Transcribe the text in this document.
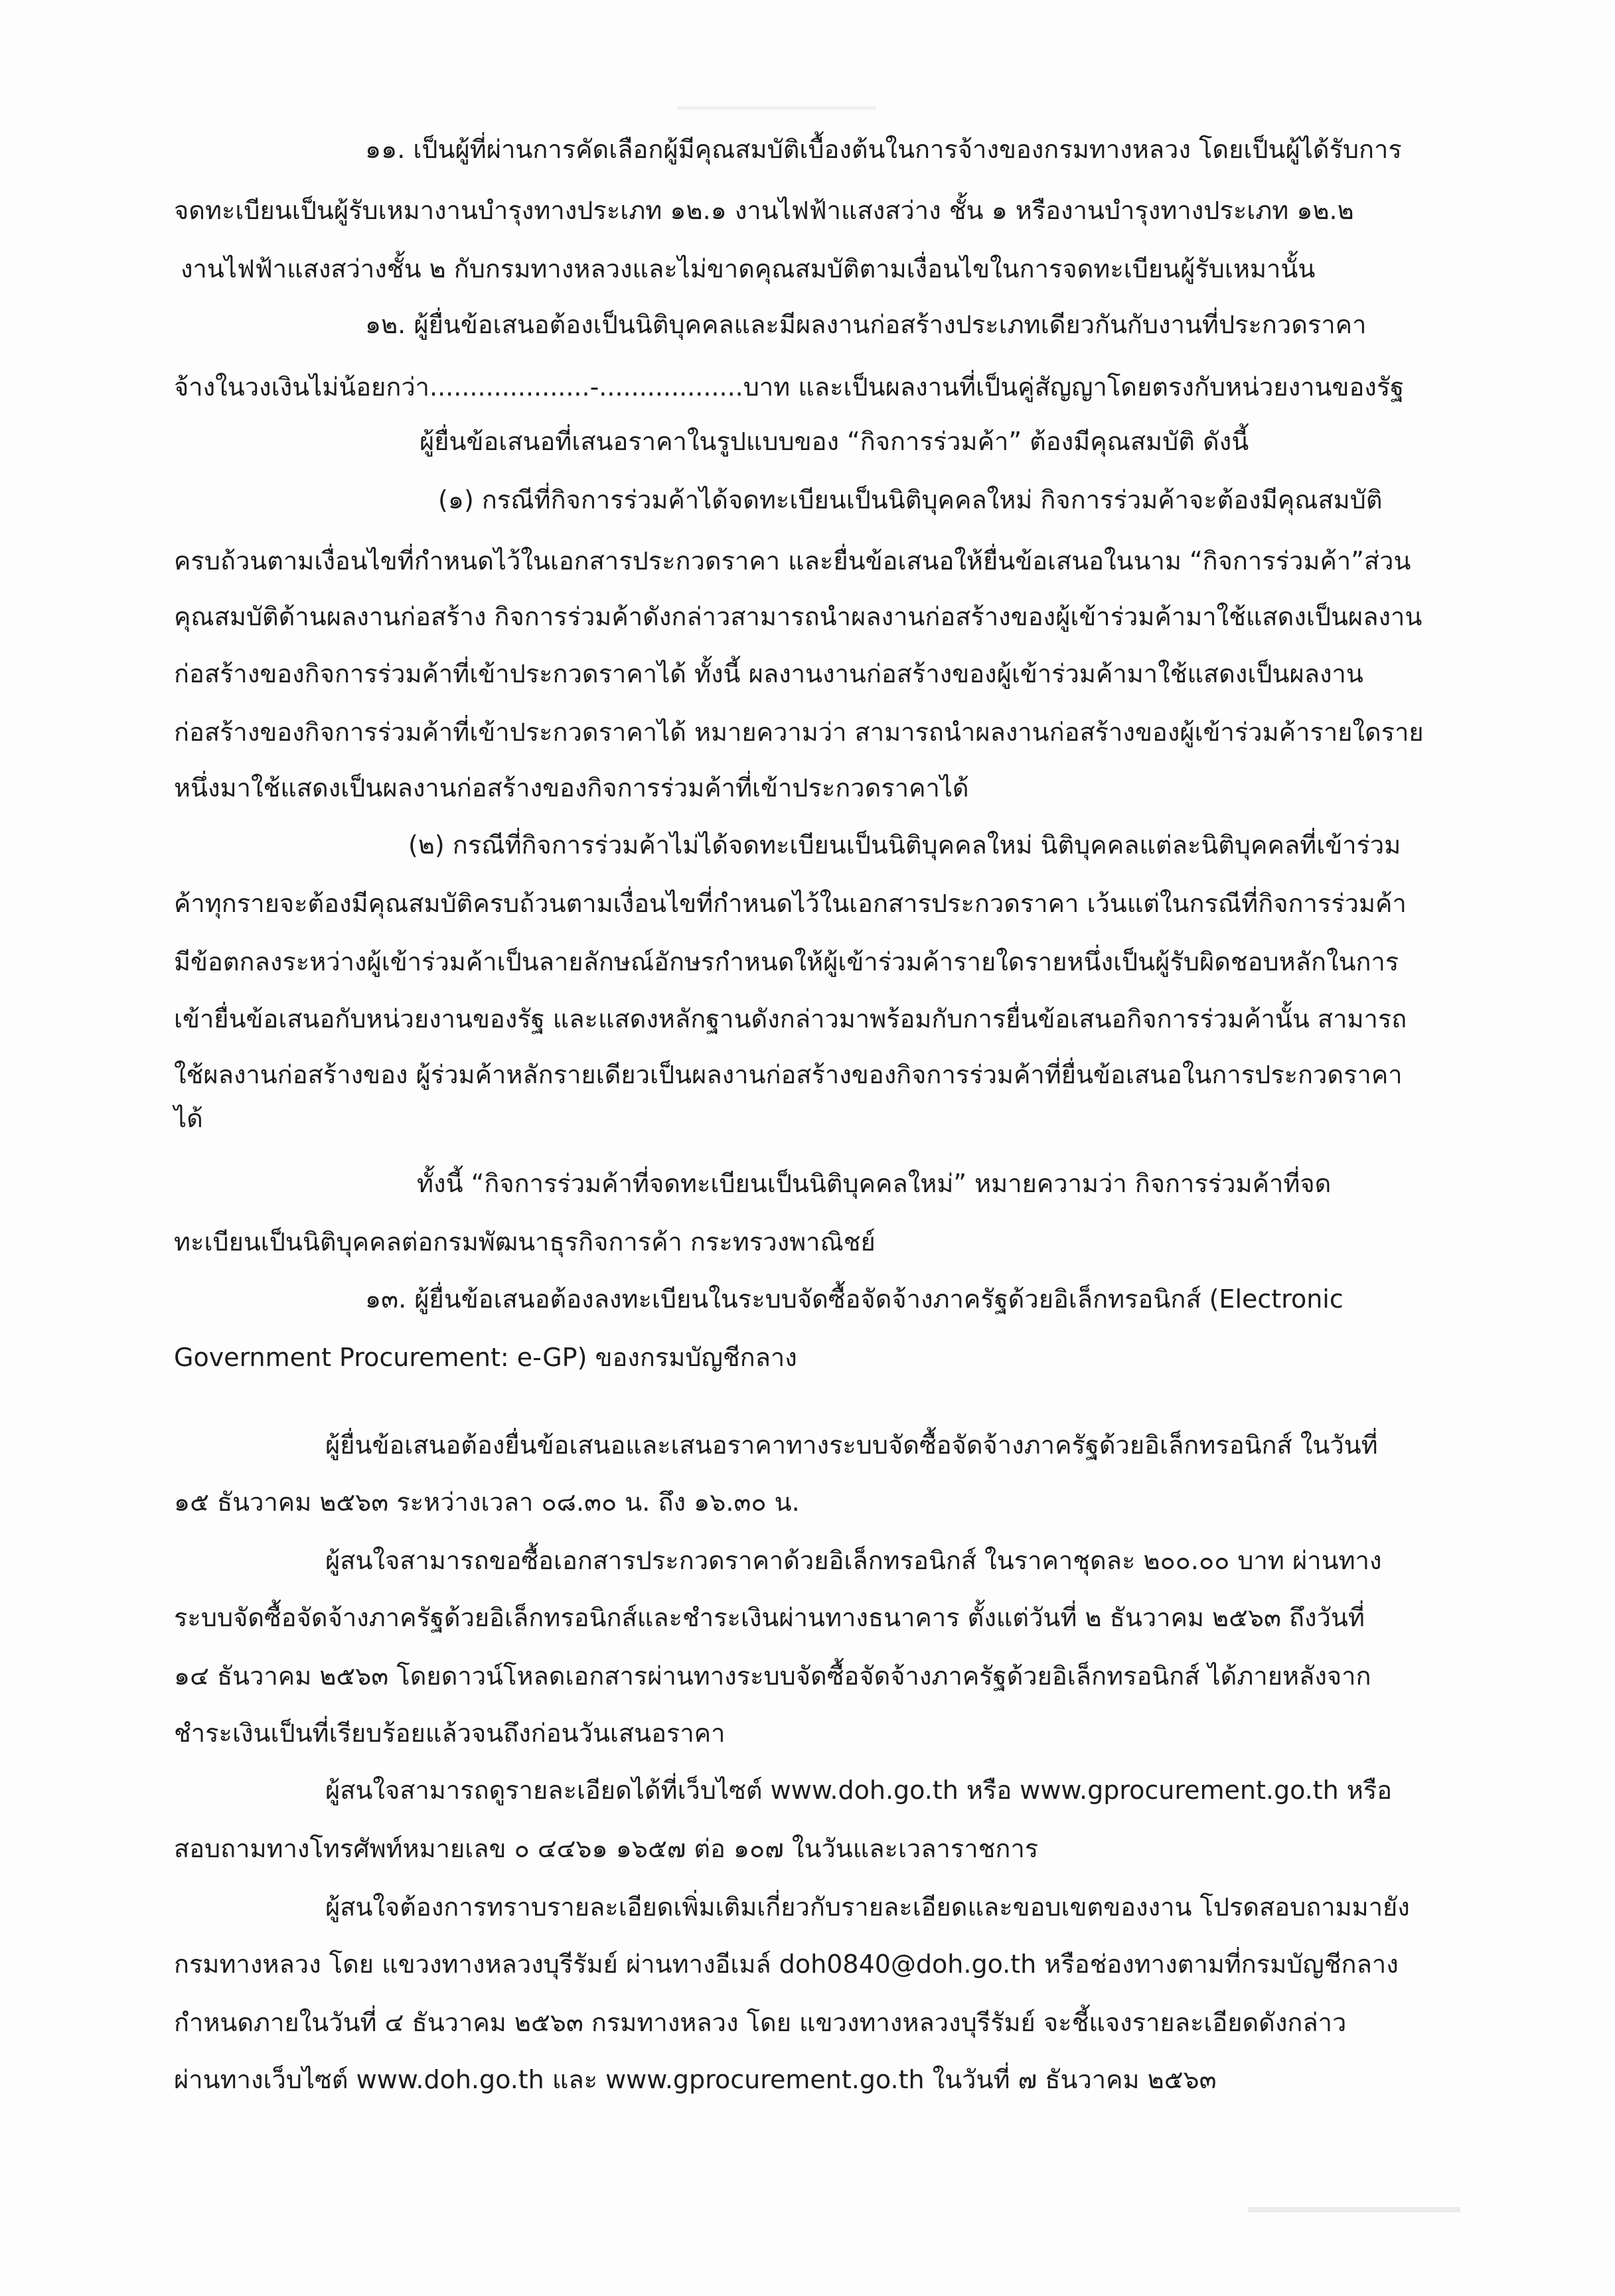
๑๑. เป็นผู้ที่ผ่านการคัดเลือกผู้มีคุณสมบัติเบื้องต้นในการจ้างของกรมทางหลวง โดยเป็นผู้ได้รับการ
จดทะเบียนเป็นผู้รับเหมางานบำรุงทางประเภท ๑๒.๑ งานไฟฟ้าแสงสว่าง ชั้น ๑ หรืองานบำรุงทางประเภท ๑๒.๒
งานไฟฟ้าแสงสว่างชั้น ๒ กับกรมทางหลวงและไม่ขาดคุณสมบัติตามเงื่อนไขในการจดทะเบียนผู้รับเหมานั้น
๑๒. ผู้ยื่นข้อเสนอต้องเป็นนิติบุคคลและมีผลงานก่อสร้างประเภทเดียวกันกับงานที่ประกวดราคา
จ้างในวงเงินไม่น้อยกว่า....................-..................บาท และเป็นผลงานที่เป็นคู่สัญญาโดยตรงกับหน่วยงานของรัฐ
ผู้ยื่นข้อเสนอที่เสนอราคาในรูปแบบของ “กิจการร่วมค้า” ต้องมีคุณสมบัติ ดังนี้
(๑) กรณีที่กิจการร่วมค้าได้จดทะเบียนเป็นนิติบุคคลใหม่ กิจการร่วมค้าจะต้องมีคุณสมบัติ
ครบถ้วนตามเงื่อนไขที่กำหนดไว้ในเอกสารประกวดราคา และยื่นข้อเสนอให้ยื่นข้อเสนอในนาม “กิจการร่วมค้า”ส่วน
คุณสมบัติด้านผลงานก่อสร้าง กิจการร่วมค้าดังกล่าวสามารถนำผลงานก่อสร้างของผู้เข้าร่วมค้ามาใช้แสดงเป็นผลงาน
ก่อสร้างของกิจการร่วมค้าที่เข้าประกวดราคาได้ ทั้งนี้ ผลงานงานก่อสร้างของผู้เข้าร่วมค้ามาใช้แสดงเป็นผลงาน
ก่อสร้างของกิจการร่วมค้าที่เข้าประกวดราคาได้ หมายความว่า สามารถนำผลงานก่อสร้างของผู้เข้าร่วมค้ารายใดราย
หนึ่งมาใช้แสดงเป็นผลงานก่อสร้างของกิจการร่วมค้าที่เข้าประกวดราคาได้
(๒) กรณีที่กิจการร่วมค้าไม่ได้จดทะเบียนเป็นนิติบุคคลใหม่ นิติบุคคลแต่ละนิติบุคคลที่เข้าร่วม
ค้าทุกรายจะต้องมีคุณสมบัติครบถ้วนตามเงื่อนไขที่กำหนดไว้ในเอกสารประกวดราคา เว้นแต่ในกรณีที่กิจการร่วมค้า
มีข้อตกลงระหว่างผู้เข้าร่วมค้าเป็นลายลักษณ์อักษรกำหนดให้ผู้เข้าร่วมค้ารายใดรายหนึ่งเป็นผู้รับผิดชอบหลักในการ
เข้ายื่นข้อเสนอกับหน่วยงานของรัฐ และแสดงหลักฐานดังกล่าวมาพร้อมกับการยื่นข้อเสนอกิจการร่วมค้านั้น สามารถ
ใช้ผลงานก่อสร้างของ ผู้ร่วมค้าหลักรายเดียวเป็นผลงานก่อสร้างของกิจการร่วมค้าที่ยื่นข้อเสนอในการประกวดราคา
ได้
ทั้งนี้ “กิจการร่วมค้าที่จดทะเบียนเป็นนิติบุคคลใหม่” หมายความว่า กิจการร่วมค้าที่จด
ทะเบียนเป็นนิติบุคคลต่อกรมพัฒนาธุรกิจการค้า กระทรวงพาณิชย์
๑๓. ผู้ยื่นข้อเสนอต้องลงทะเบียนในระบบจัดซื้อจัดจ้างภาครัฐด้วยอิเล็กทรอนิกส์ (Electronic
Government Procurement: e-GP) ของกรมบัญชีกลาง
ผู้ยื่นข้อเสนอต้องยื่นข้อเสนอและเสนอราคาทางระบบจัดซื้อจัดจ้างภาครัฐด้วยอิเล็กทรอนิกส์ ในวันที่
๑๕ ธันวาคม ๒๕๖๓ ระหว่างเวลา ๐๘.๓๐ น. ถึง ๑๖.๓๐ น.
ผู้สนใจสามารถขอซื้อเอกสารประกวดราคาด้วยอิเล็กทรอนิกส์ ในราคาชุดละ ๒๐๐.๐๐ บาท ผ่านทาง
ระบบจัดซื้อจัดจ้างภาครัฐด้วยอิเล็กทรอนิกส์และชำระเงินผ่านทางธนาคาร ตั้งแต่วันที่ ๒ ธันวาคม ๒๕๖๓ ถึงวันที่
๑๔ ธันวาคม ๒๕๖๓ โดยดาวน์โหลดเอกสารผ่านทางระบบจัดซื้อจัดจ้างภาครัฐด้วยอิเล็กทรอนิกส์ ได้ภายหลังจาก
ชำระเงินเป็นที่เรียบร้อยแล้วจนถึงก่อนวันเสนอราคา
ผู้สนใจสามารถดูรายละเอียดได้ที่เว็บไซต์ www.doh.go.th หรือ www.gprocurement.go.th หรือ
สอบถามทางโทรศัพท์หมายเลข ๐ ๔๔๖๑ ๑๖๕๗ ต่อ ๑๐๗ ในวันและเวลาราชการ
ผู้สนใจต้องการทราบรายละเอียดเพิ่มเติมเกี่ยวกับรายละเอียดและขอบเขตของงาน โปรดสอบถามมายัง
กรมทางหลวง โดย แขวงทางหลวงบุรีรัมย์ ผ่านทางอีเมล์ doh0840@doh.go.th หรือช่องทางตามที่กรมบัญชีกลาง
กำหนดภายในวันที่ ๔ ธันวาคม ๒๕๖๓ กรมทางหลวง โดย แขวงทางหลวงบุรีรัมย์ จะชี้แจงรายละเอียดดังกล่าว
ผ่านทางเว็บไซต์ www.doh.go.th และ www.gprocurement.go.th ในวันที่ ๗ ธันวาคม ๒๕๖๓
